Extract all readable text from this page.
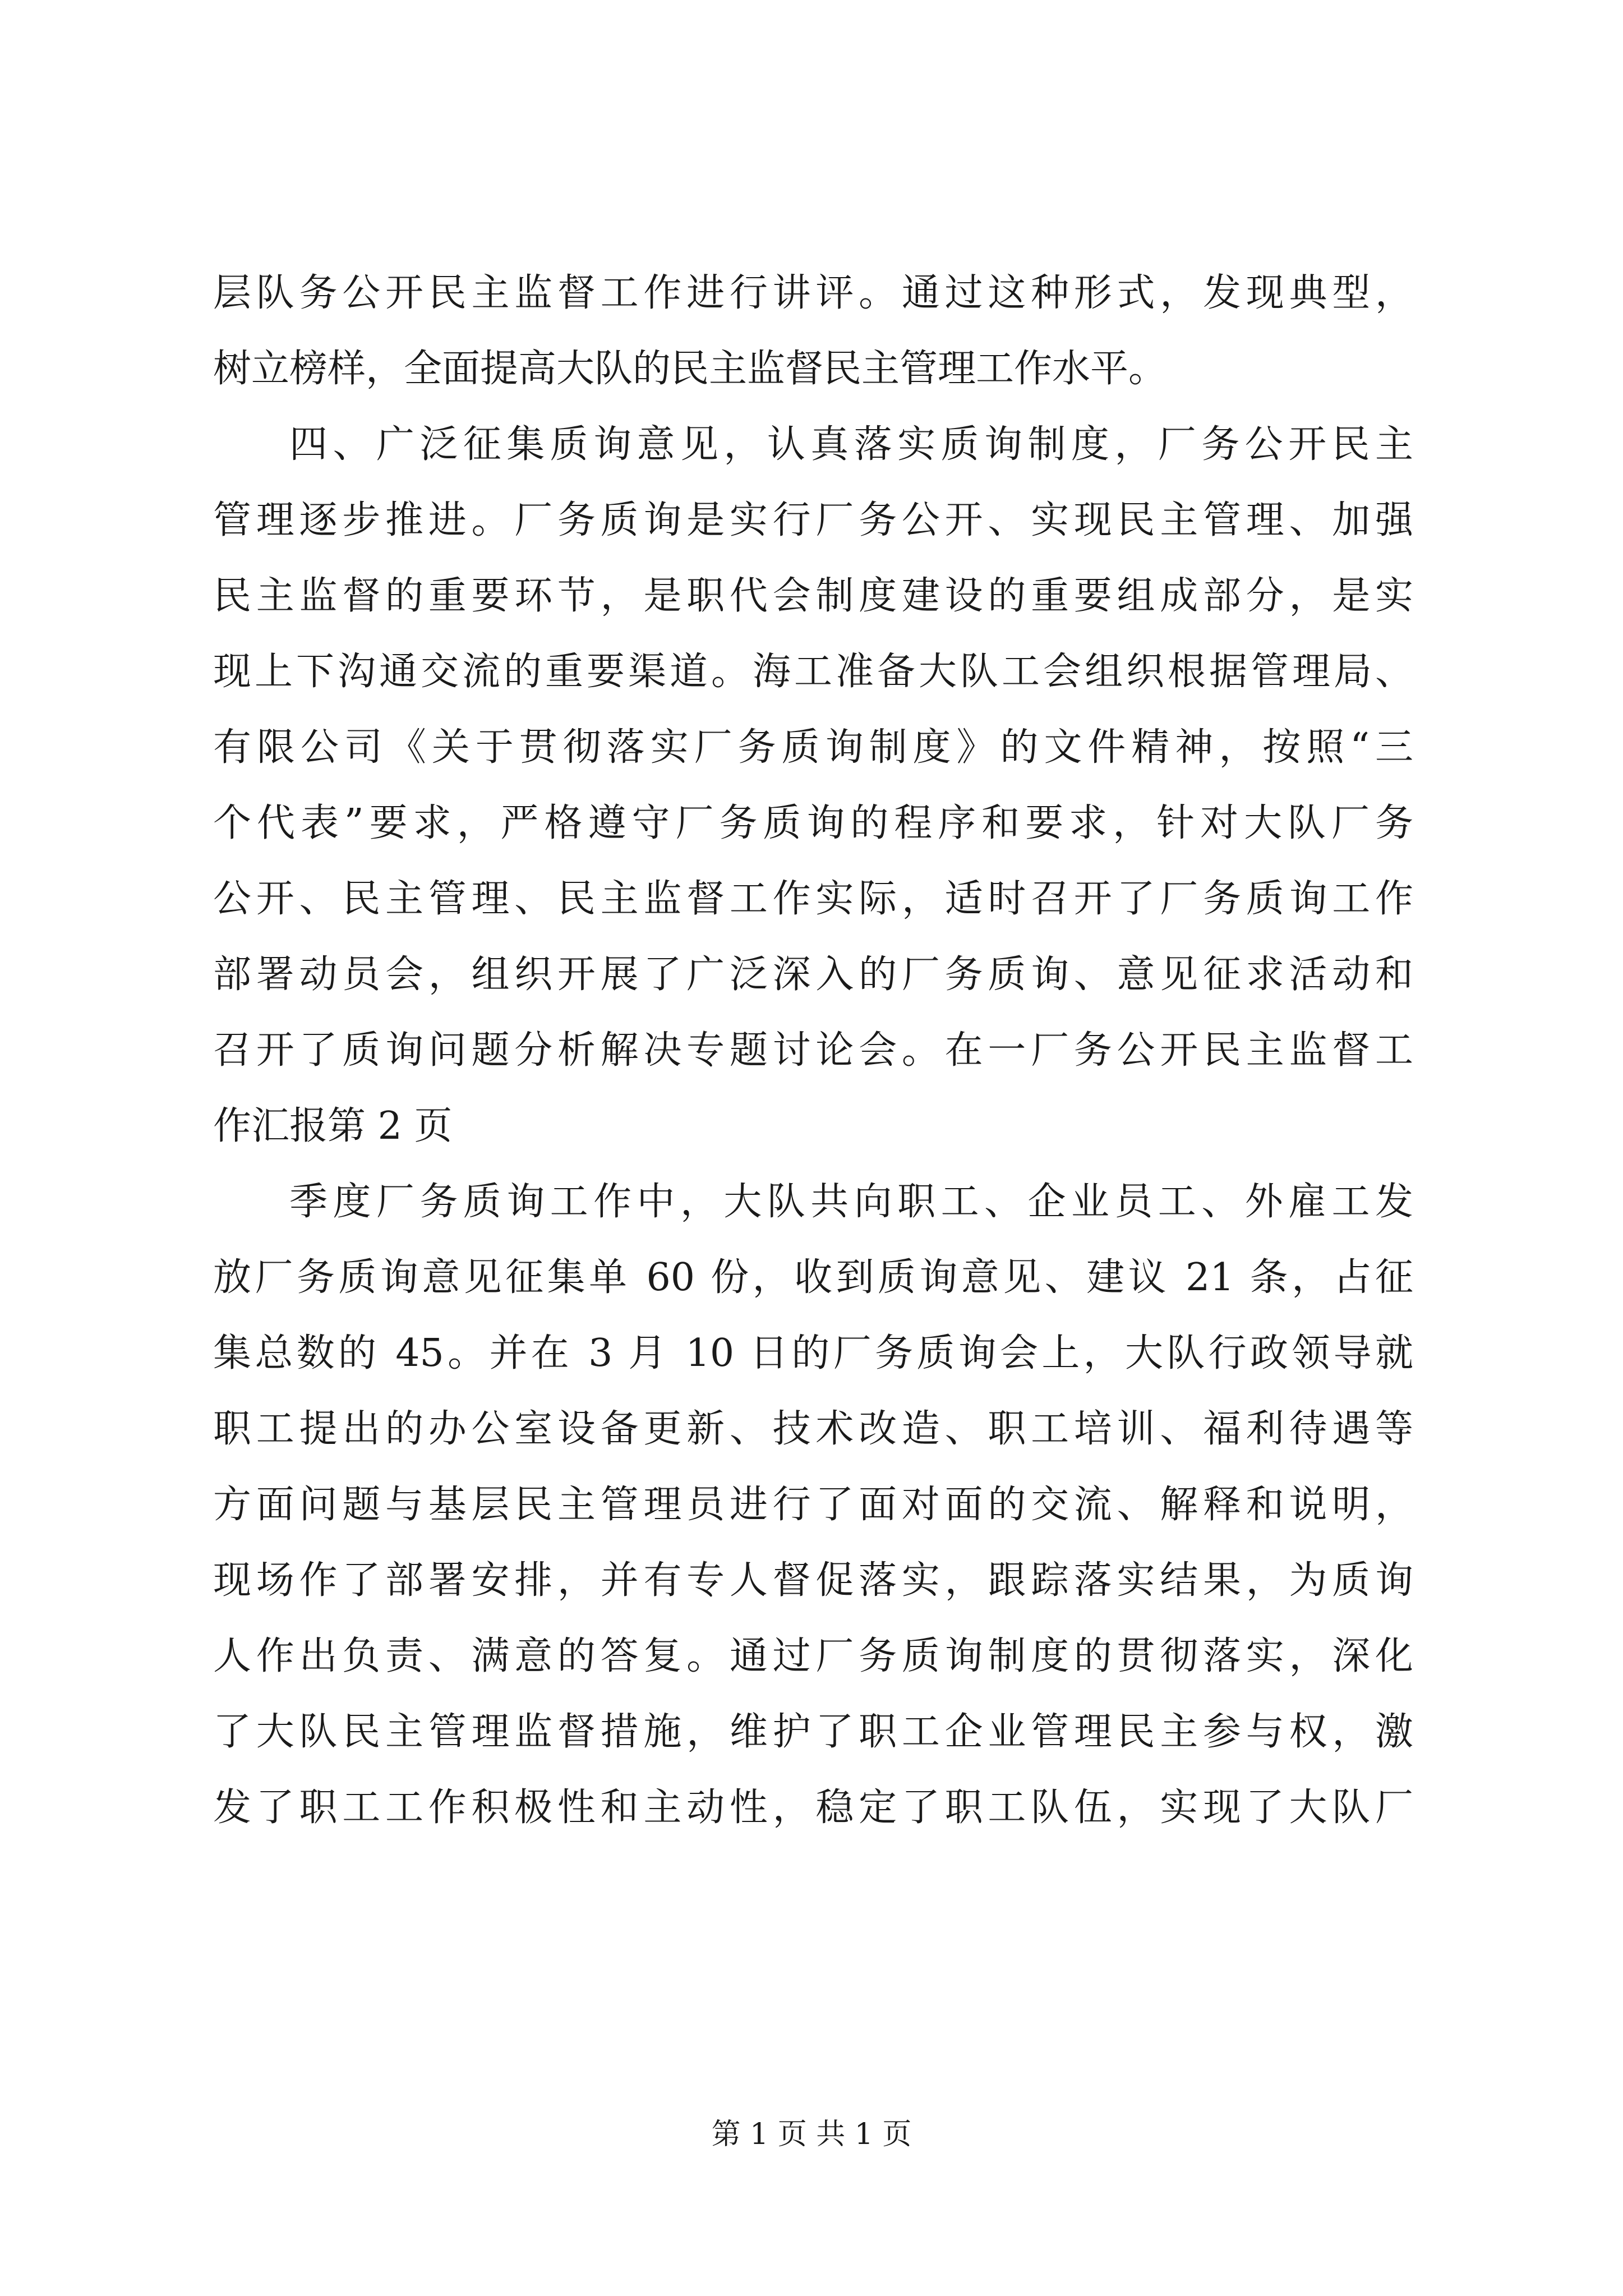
层队务公开民主监督工作进行讲评。通过这种形式，发现典型，
树立榜样，全面提高大队的民主监督民主管理工作水平。
四、广泛征集质询意见，认真落实质询制度，厂务公开民主
管理逐步推进。厂务质询是实行厂务公开、实现民主管理、加强
民主监督的重要环节，是职代会制度建设的重要组成部分，是实
现上下沟通交流的重要渠道。海工准备大队工会组织根据管理局、
有限公司《关于贯彻落实厂务质询制度》的文件精神，按照“三
个代表”要求，严格遵守厂务质询的程序和要求，针对大队厂务
公开、民主管理、民主监督工作实际，适时召开了厂务质询工作
部署动员会，组织开展了广泛深入的厂务质询、意见征求活动和
召开了质询问题分析解决专题讨论会。在一厂务公开民主监督工
作汇报第 2 页
季度厂务质询工作中，大队共向职工、企业员工、外雇工发
放厂务质询意见征集单 60 份，收到质询意见、建议 21 条，占征
集总数的 45。并在 3 月 10 日的厂务质询会上，大队行政领导就
职工提出的办公室设备更新、技术改造、职工培训、福利待遇等
方面问题与基层民主管理员进行了面对面的交流、解释和说明，
现场作了部署安排，并有专人督促落实，跟踪落实结果，为质询
人作出负责、满意的答复。通过厂务质询制度的贯彻落实，深化
了大队民主管理监督措施，维护了职工企业管理民主参与权，激
发了职工工作积极性和主动性，稳定了职工队伍，实现了大队厂
第 1 页 共 1 页
